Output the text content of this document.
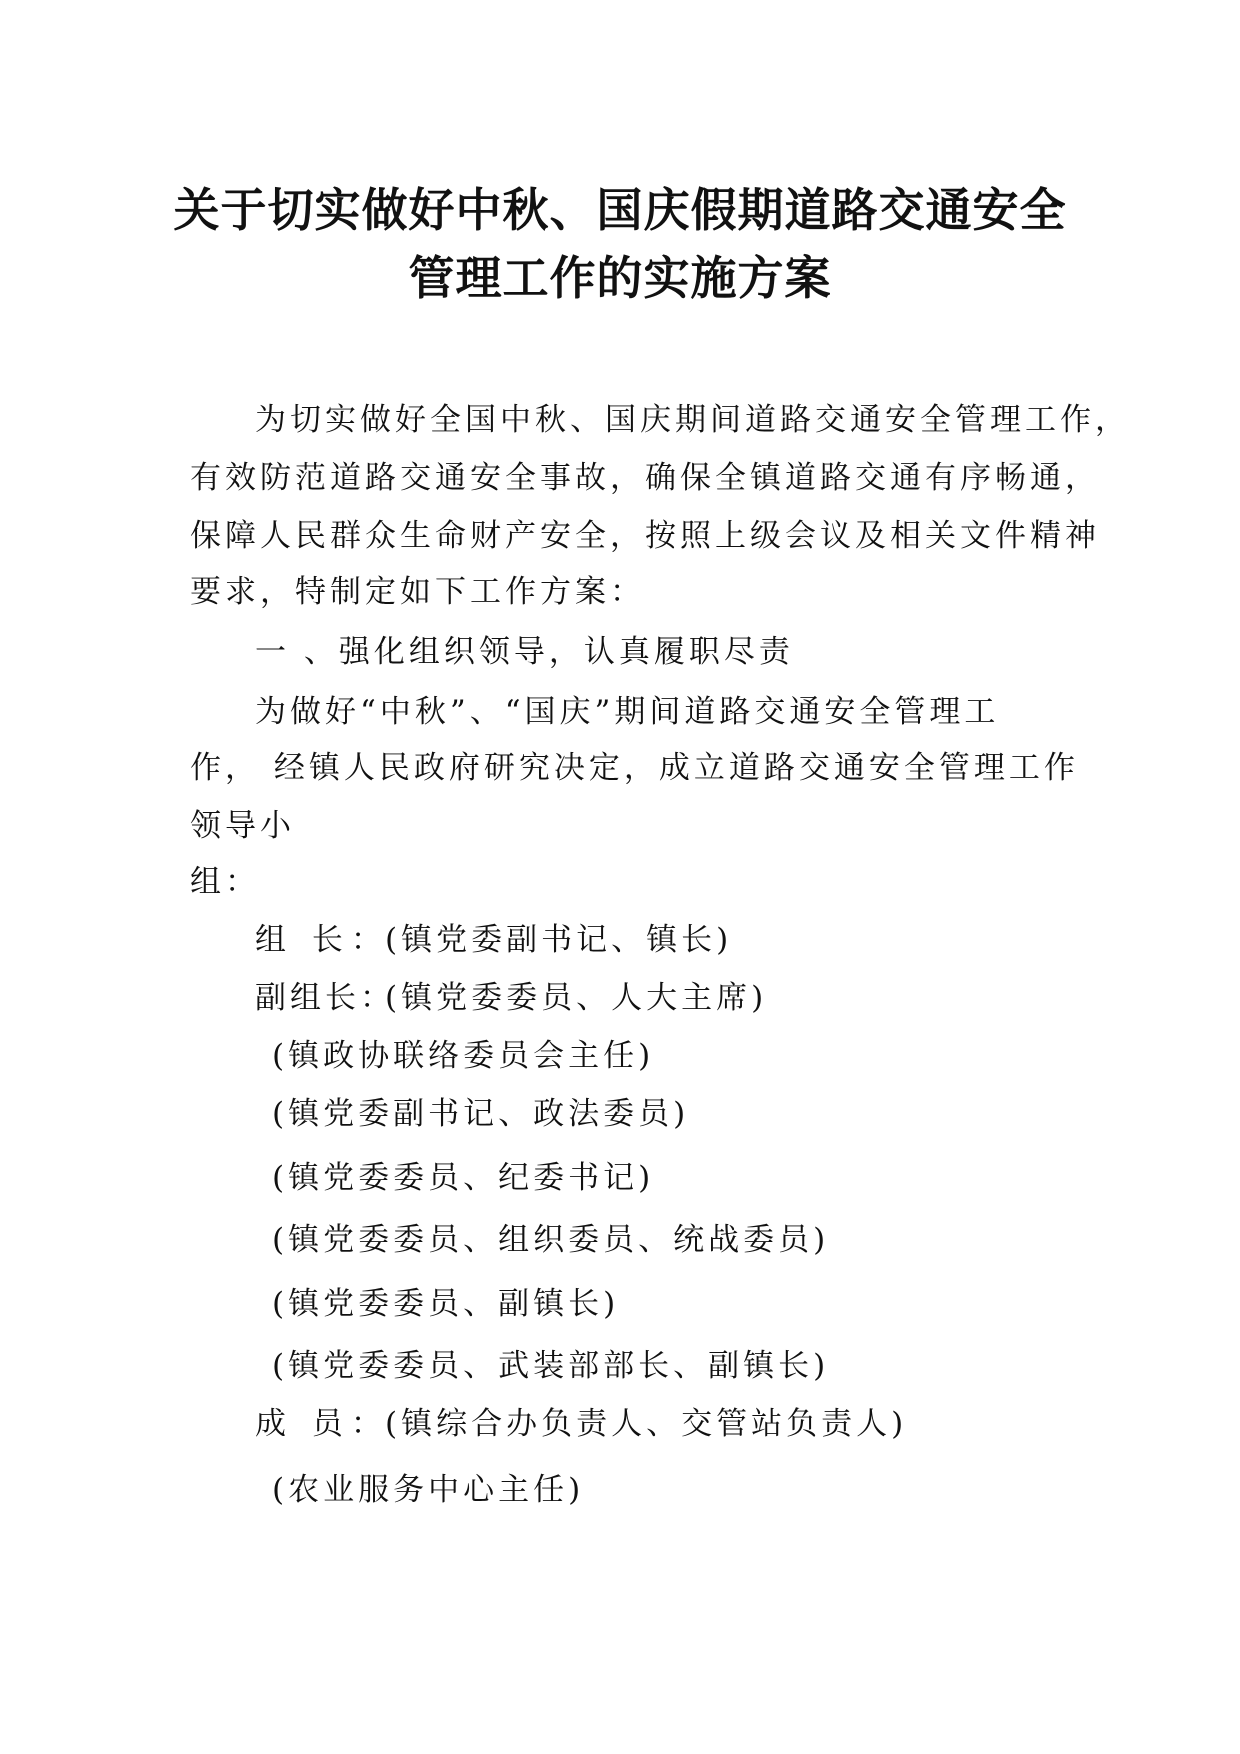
关于切实做好中秋、国庆假期道路交通安全
管理工作的实施方案
为切实做好全国中秋、国庆期间道路交通安全管理工作，
有效防范道路交通安全事故，确保全镇道路交通有序畅通，
保障人民群众生命财产安全，按照上级会议及相关文件精神
要求，特制定如下工作方案：
一 、强化组织领导，认真履职尽责
为做好“中秋”、“国庆”期间道路交通安全管理工
作， 经镇人民政府研究决定，成立道路交通安全管理工作
领导小
组：
组 长：
(镇党委副书记、镇长)
副组长：
(镇党委委员、人大主席)
(镇政协联络委员会主任)
(镇党委副书记、政法委员)
(镇党委委员、纪委书记)
(镇党委委员、组织委员、统战委员)
(镇党委委员、副镇长)
(镇党委委员、武装部部长、副镇长)
成 员：
(镇综合办负责人、交管站负责人)
(农业服务中心主任)
